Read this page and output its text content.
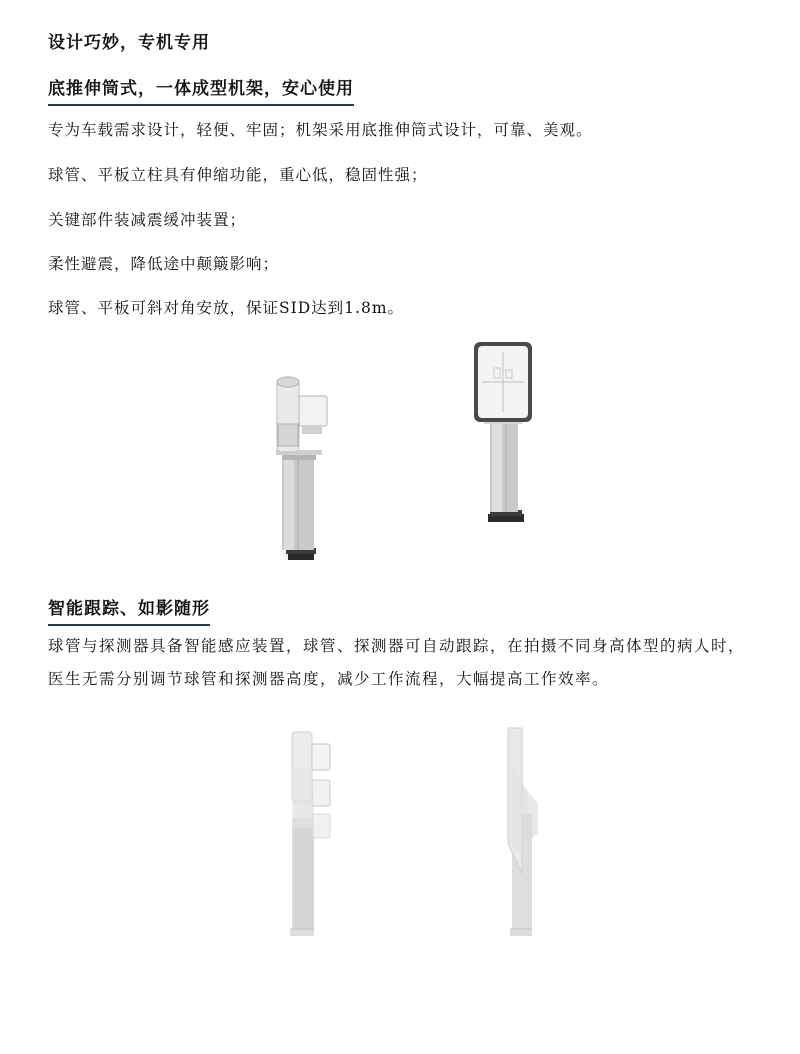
设计巧妙，专机专用
底推伸筒式，一体成型机架，安心使用
专为车载需求设计，轻便、牢固；机架采用底推伸筒式设计，可靠、美观。
球管、平板立柱具有伸缩功能，重心低，稳固性强；
关键部件装减震缓冲装置；
柔性避震，降低途中颠簸影响；
球管、平板可斜对角安放，保证SID达到1.8m。
智能跟踪、如影随形
球管与探测器具备智能感应装置，球管、探测器可自动跟踪，在拍摄不同身高体型的病人时，医生无需分别调节球管和探测器高度，减少工作流程，大幅提高工作效率。
